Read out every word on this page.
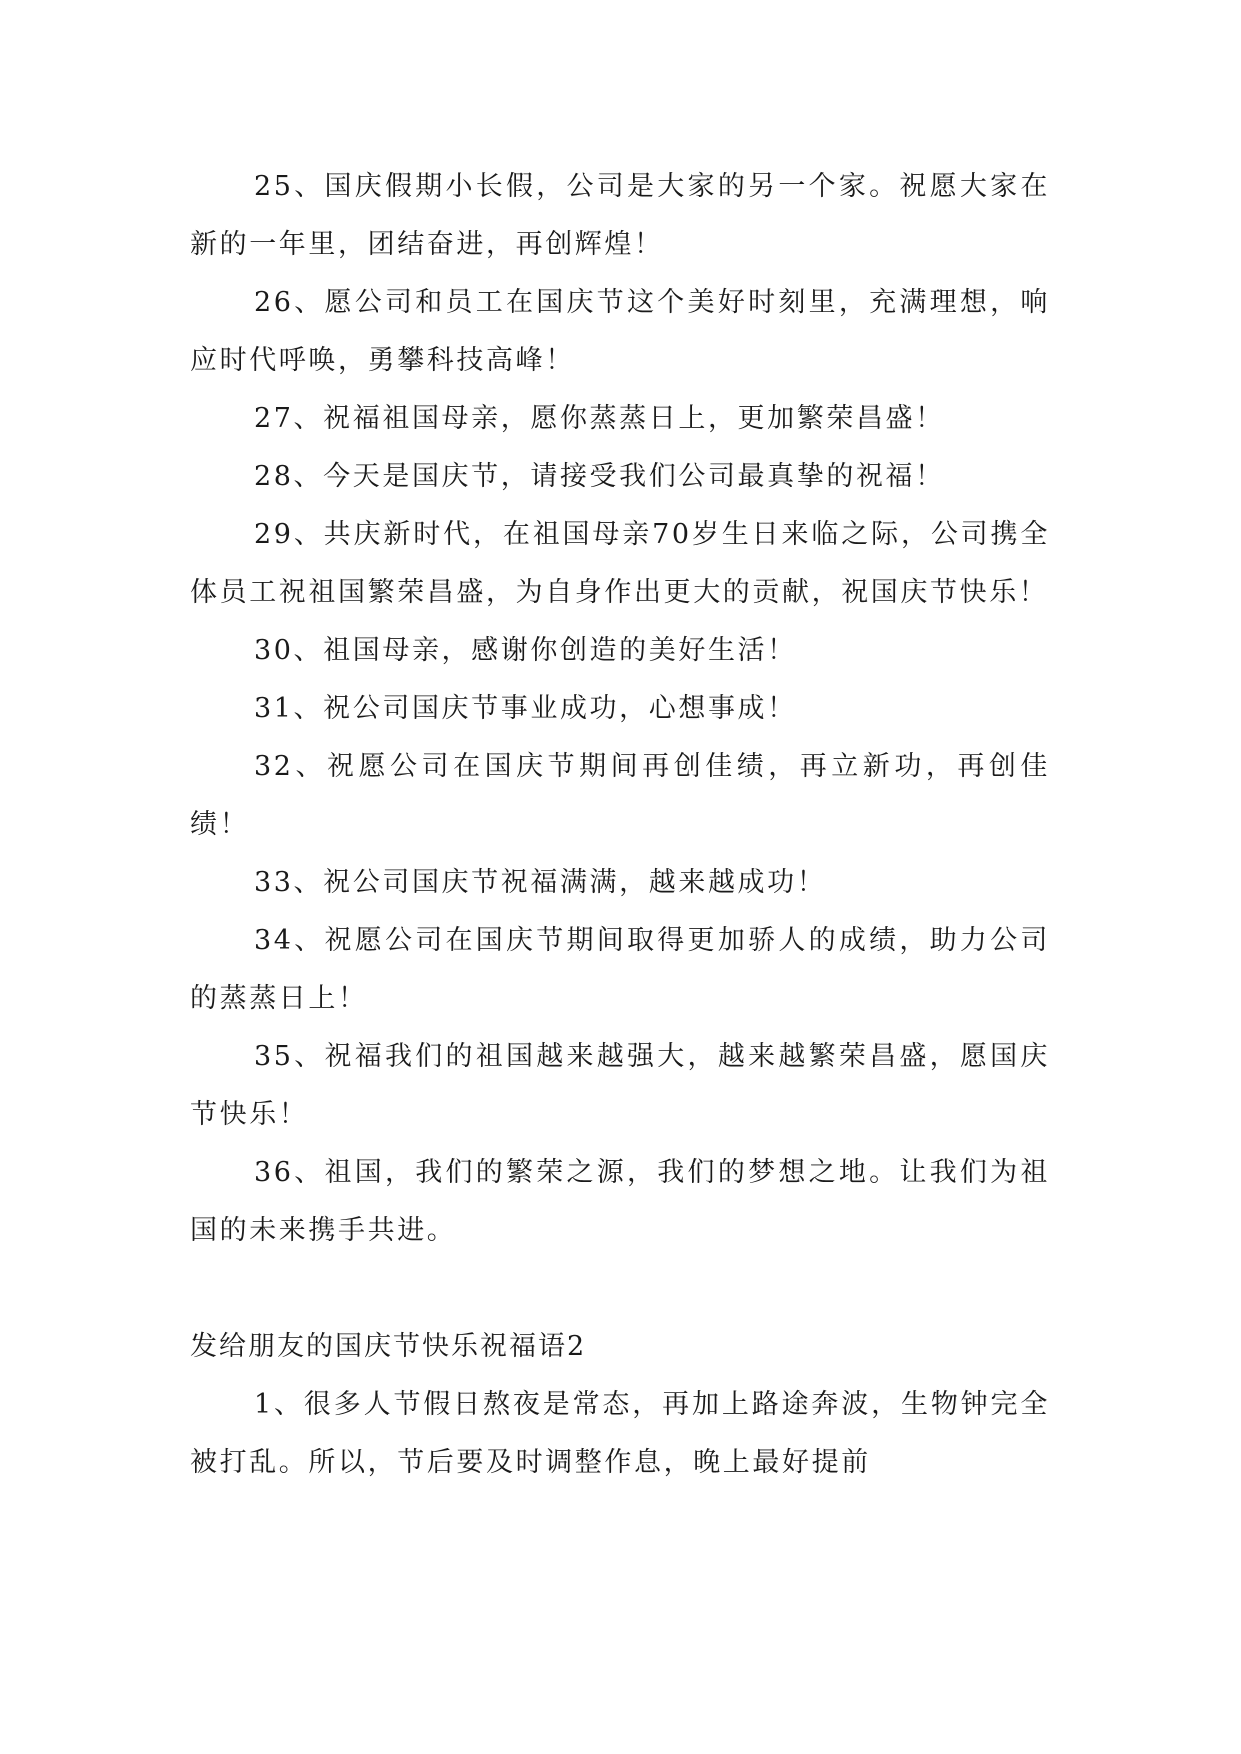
25、国庆假期小长假，公司是大家的另一个家。祝愿大家在新的一年里，团结奋进，再创辉煌！

26、愿公司和员工在国庆节这个美好时刻里，充满理想，响应时代呼唤，勇攀科技高峰！

27、祝福祖国母亲，愿你蒸蒸日上，更加繁荣昌盛！

28、今天是国庆节，请接受我们公司最真挚的祝福！

29、共庆新时代，在祖国母亲70岁生日来临之际，公司携全体员工祝祖国繁荣昌盛，为自身作出更大的贡献，祝国庆节快乐！

30、祖国母亲，感谢你创造的美好生活！

31、祝公司国庆节事业成功，心想事成！

32、祝愿公司在国庆节期间再创佳绩，再立新功，再创佳绩！

33、祝公司国庆节祝福满满，越来越成功！

34、祝愿公司在国庆节期间取得更加骄人的成绩，助力公司的蒸蒸日上！

35、祝福我们的祖国越来越强大，越来越繁荣昌盛，愿国庆节快乐！

36、祖国，我们的繁荣之源，我们的梦想之地。让我们为祖国的未来携手共进。

发给朋友的国庆节快乐祝福语2

1、很多人节假日熬夜是常态，再加上路途奔波，生物钟完全被打乱。所以，节后要及时调整作息，晚上最好提前
